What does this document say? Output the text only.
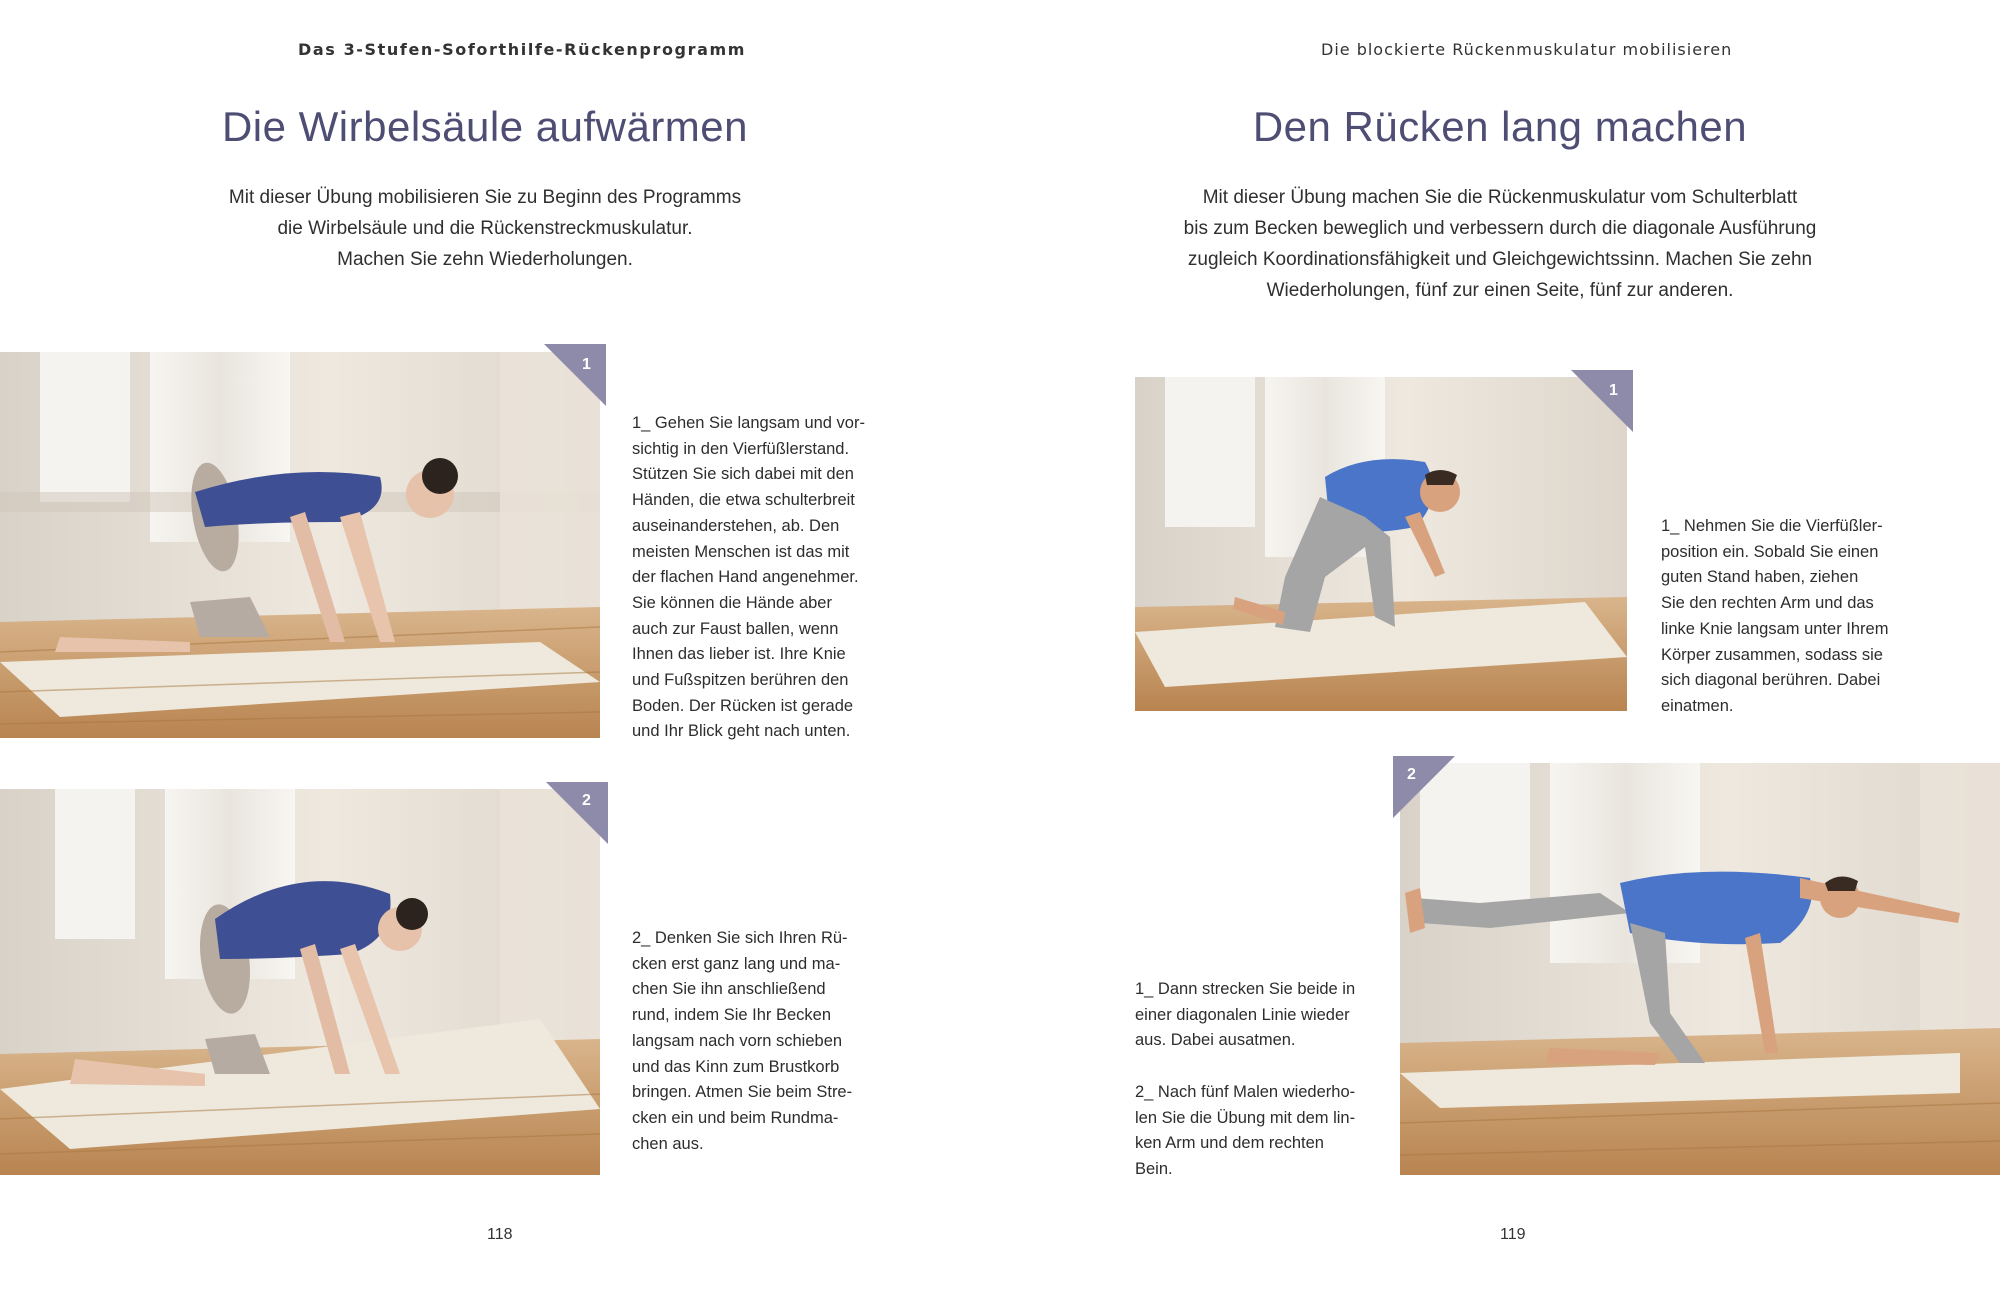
Das 3-Stufen-Soforthilfe-Rückenprogramm
Die Wirbelsäule aufwärmen
Mit dieser Übung mobilisieren Sie zu Beginn des Programms
die Wirbelsäule und die Rückenstreckmuskulatur.
Machen Sie zehn Wiederholungen.
1
1_ Gehen Sie langsam und vor-
sichtig in den Vierfüßlerstand.
Stützen Sie sich dabei mit den
Händen, die etwa schulterbreit
auseinanderstehen, ab. Den
meisten Menschen ist das mit
der flachen Hand angenehmer.
Sie können die Hände aber
auch zur Faust ballen, wenn
Ihnen das lieber ist. Ihre Knie
und Fußspitzen berühren den
Boden. Der Rücken ist gerade
und Ihr Blick geht nach unten.
2
2_ Denken Sie sich Ihren Rü-
cken erst ganz lang und ma-
chen Sie ihn anschließend
rund, indem Sie Ihr Becken
langsam nach vorn schieben
und das Kinn zum Brustkorb
bringen. Atmen Sie beim Stre-
cken ein und beim Rundma-
chen aus.
118
Die blockierte Rückenmuskulatur mobilisieren
Den Rücken lang machen
Mit dieser Übung machen Sie die Rückenmuskulatur vom Schulterblatt
bis zum Becken beweglich und verbessern durch die diagonale Ausführung
zugleich Koordinationsfähigkeit und Gleichgewichtssinn. Machen Sie zehn
Wiederholungen, fünf zur einen Seite, fünf zur anderen.
1
1_ Nehmen Sie die Vierfüßler-
position ein. Sobald Sie einen
guten Stand haben, ziehen
Sie den rechten Arm und das
linke Knie langsam unter Ihrem
Körper zusammen, sodass sie
sich diagonal berühren. Dabei
einatmen.
2
1_ Dann strecken Sie beide in
einer diagonalen Linie wieder
aus. Dabei ausatmen.
2_ Nach fünf Malen wiederho-
len Sie die Übung mit dem lin-
ken Arm und dem rechten
Bein.
119
